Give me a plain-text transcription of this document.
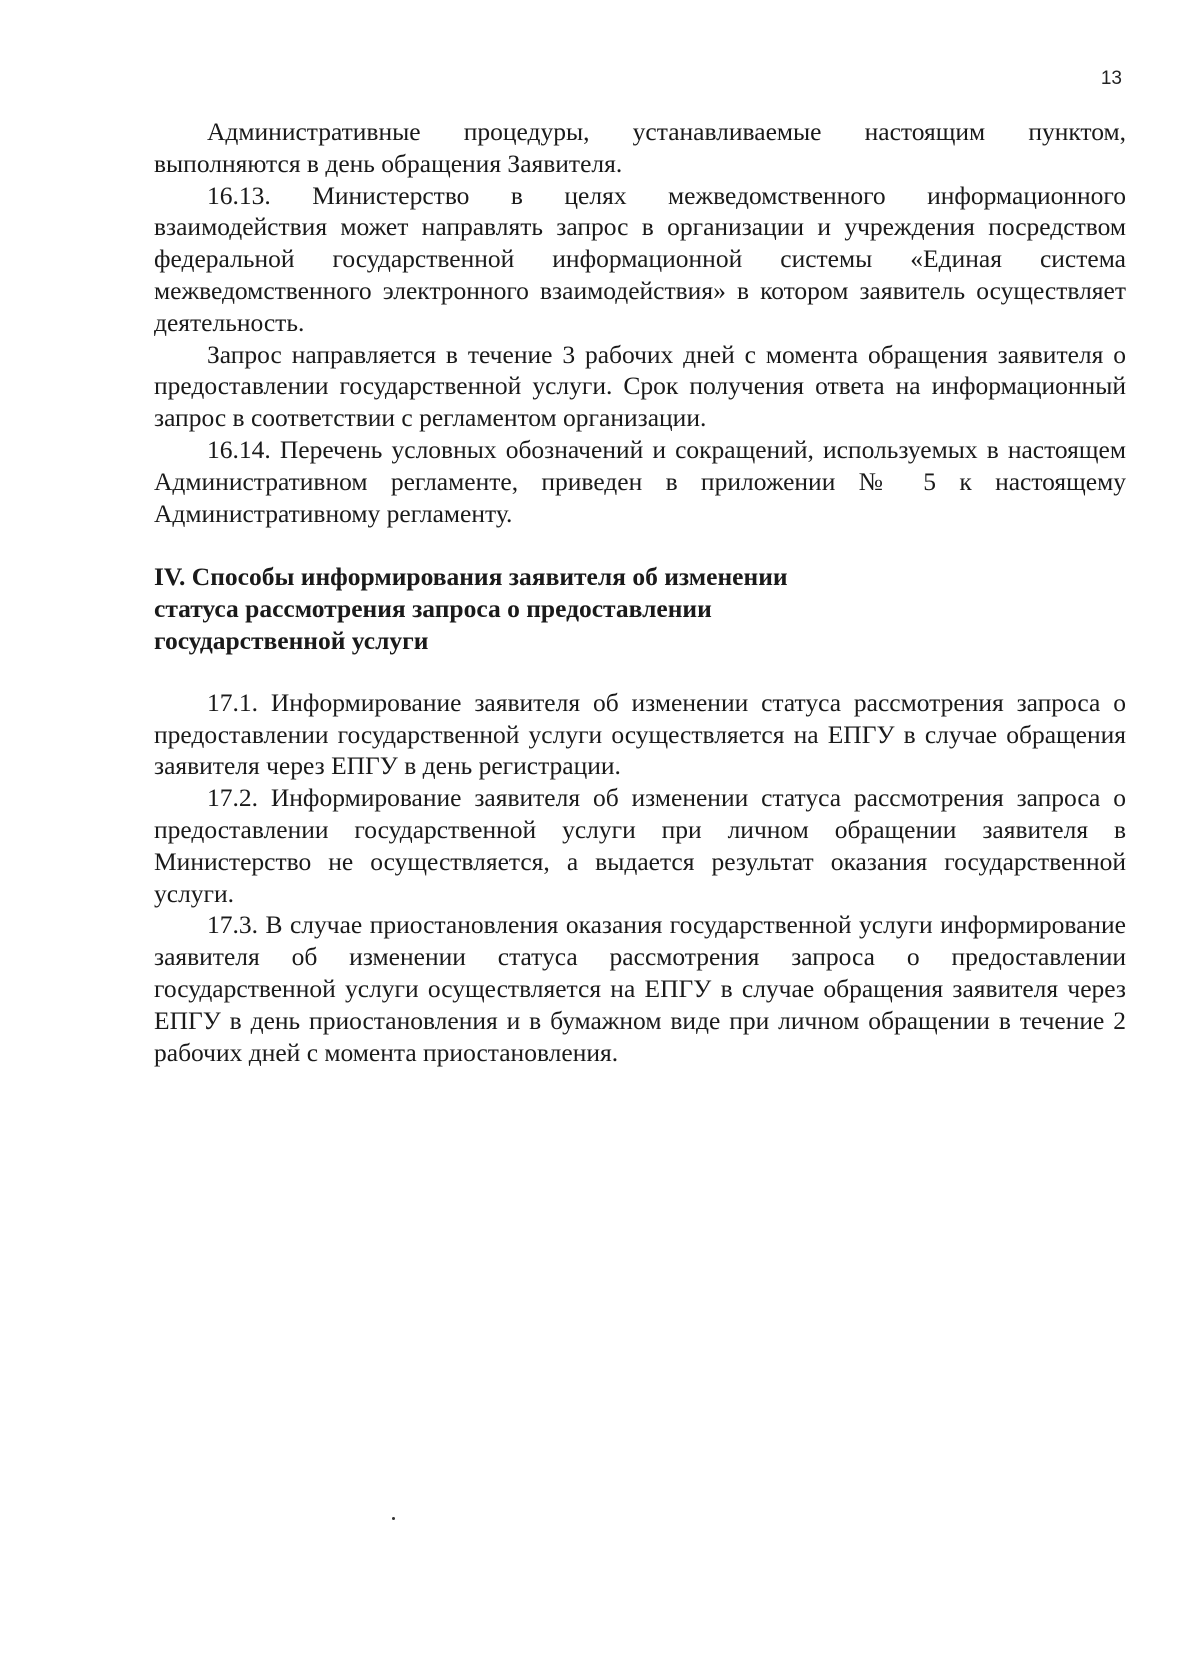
13

Административные процедуры, устанавливаемые настоящим пунктом, выполняются в день обращения Заявителя.

16.13. Министерство в целях межведомственного информационного взаимодействия может направлять запрос в организации и учреждения посредством федеральной государственной информационной системы «Единая система межведомственного электронного взаимодействия» в котором заявитель осуществляет деятельность.

Запрос направляется в течение 3 рабочих дней с момента обращения заявителя о предоставлении государственной услуги. Срок получения ответа на информационный запрос в соответствии с регламентом организации.

16.14. Перечень условных обозначений и сокращений, используемых в настоящем Административном регламенте, приведен в приложении № 5 к настоящему Административному регламенту.

IV. Способы информирования заявителя об изменении
статуса рассмотрения запроса о предоставлении
государственной услуги

17.1. Информирование заявителя об изменении статуса рассмотрения запроса о предоставлении государственной услуги осуществляется на ЕПГУ в случае обращения заявителя через ЕПГУ в день регистрации.

17.2. Информирование заявителя об изменении статуса рассмотрения запроса о предоставлении государственной услуги при личном обращении заявителя в Министерство не осуществляется, а выдается результат оказания государственной услуги.

17.3. В случае приостановления оказания государственной услуги информирование заявителя об изменении статуса рассмотрения запроса о предоставлении государственной услуги осуществляется на ЕПГУ в случае обращения заявителя через ЕПГУ в день приостановления и в бумажном виде при личном обращении в течение 2 рабочих дней с момента приостановления.
